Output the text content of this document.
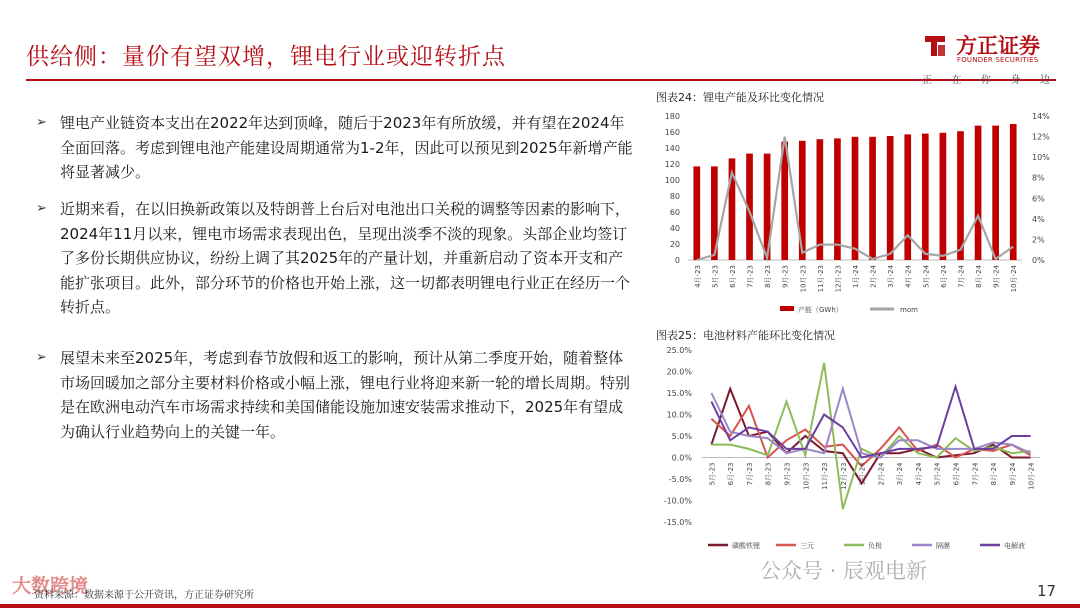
供给侧：量价有望双增，锂电行业或迎转折点	方正证券
FOUNDER SECURITIES
正 在 你 身 边
➢ 锂电产业链资本支出在2022年达到顶峰，随后于2023年有所放缓，并有望在2024年全面回落。考虑到锂电池产能建设周期通常为1-2年，因此可以预见到2025年新增产能将显著减少。
➢ 近期来看，在以旧换新政策以及特朗普上台后对电池出口关税的调整等因素的影响下，2024年11月以来，锂电市场需求表现出色，呈现出淡季不淡的现象。头部企业均签订了多份长期供应协议，纷纷上调了其2025年的产量计划，并重新启动了资本开支和产能扩张项目。此外，部分环节的价格也开始上涨，这一切都表明锂电行业正在经历一个转折点。
➢ 展望未来至2025年，考虑到春节放假和返工的影响，预计从第二季度开始，随着整体市场回暖加之部分主要材料价格或小幅上涨，锂电行业将迎来新一轮的增长周期。特别是在欧洲电动汽车市场需求持续和美国储能设施加速安装需求推动下，2025年有望成为确认行业趋势向上的关键一年。
图表24：锂电产能及环比变化情况
0
20
40
60
80
100
120
140
160
180
0%
2%
4%
6%
8%
10%
12%
14%
4月-23 5月-23 6月-23 7月-23 8月-23 9月-23 10月-23 11月-23 12月-23 1月-24 2月-24 3月-24 4月-24 5月-24 6月-24 7月-24 8月-24 9月-24 10月-24
产能（GWh）	mom
图表25：电池材料产能环比变化情况
-15.0%
-10.0%
-5.0%
0.0%
5.0%
10.0%
15.0%
20.0%
25.0%
5月-23 6月-23 7月-23 8月-23 9月-23 10月-23 11月-23 12月-23 1月-24 2月-24 3月-24 4月-24 5月-24 6月-24 7月-24 8月-24 9月-24 10月-24
磷酸铁锂	三元	负极	隔膜	电解液
大数跨境
资料来源：数据来源于公开资讯，方正证券研究所
公众号 · 辰观电新
17
